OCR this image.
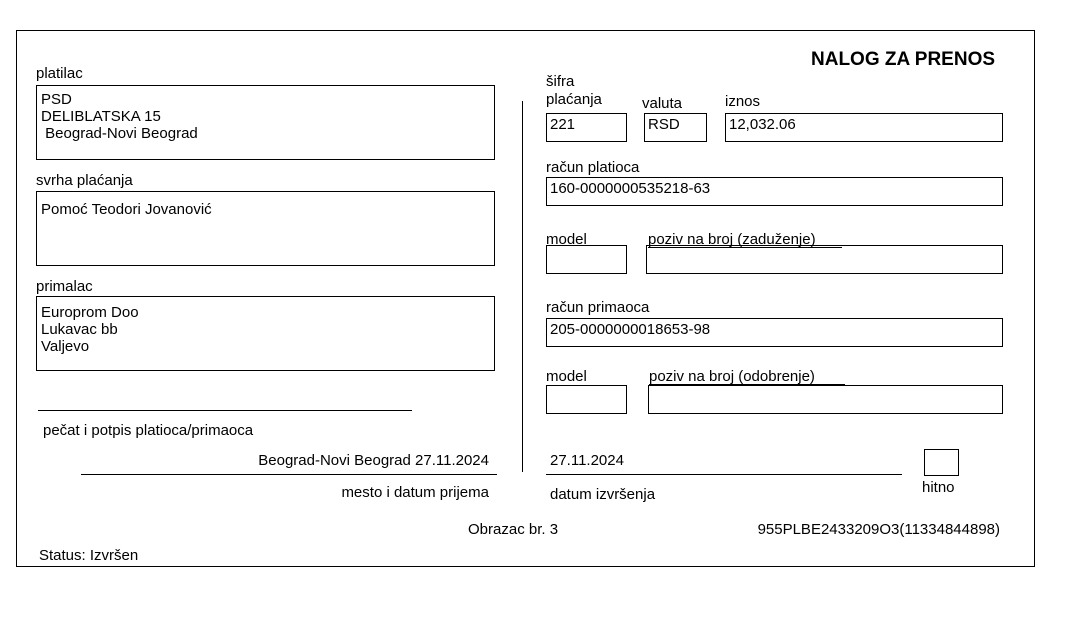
NALOG ZA PRENOS
platilac
PSD
DELIBLATSKA 15
Beograd-Novi Beograd
svrha plaćanja
Pomoć Teodori Jovanović
primalac
Europrom Doo
Lukavac bb
Valjevo
pečat i potpis platioca/primaoca
Beograd-Novi Beograd 27.11.2024
mesto i datum prijema
šifra
plaćanja	valuta	iznos
221	RSD	12,032.06
račun platioca
160-0000000535218-63
model	poziv na broj (zaduženje)
račun primaoca
205-0000000018653-98
model	poziv na broj (odobrenje)
27.11.2024
datum izvršenja	hitno
Obrazac br. 3	955PLBE2433209O3(11334844898)
Status: Izvršen
